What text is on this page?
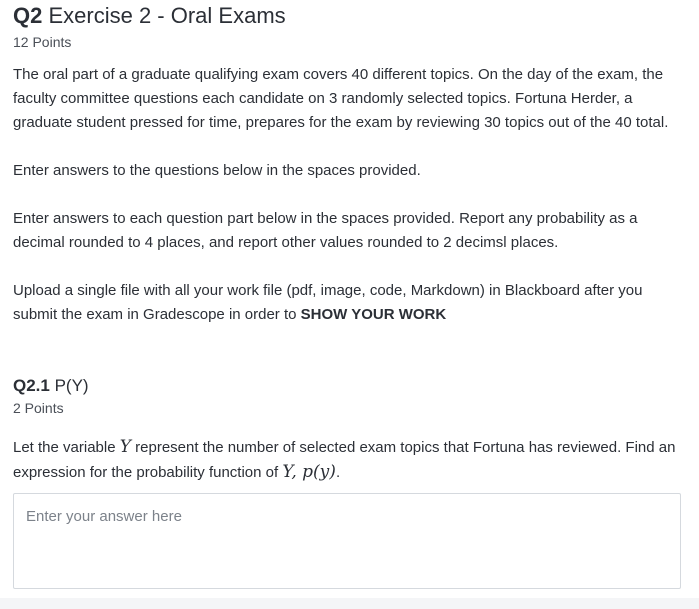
Q2 Exercise 2 - Oral Exams
12 Points
The oral part of a graduate qualifying exam covers 40 different topics. On the day of the exam, the faculty committee questions each candidate on 3 randomly selected topics. Fortuna Herder, a graduate student pressed for time, prepares for the exam by reviewing 30 topics out of the 40 total.
Enter answers to the questions below in the spaces provided.
Enter answers to each question part below in the spaces provided. Report any probability as a decimal rounded to 4 places, and report other values rounded to 2 decimsl places.
Upload a single file with all your work file (pdf, image, code, Markdown) in Blackboard after you submit the exam in Gradescope in order to SHOW YOUR WORK
Q2.1 P(Y)
2 Points
Let the variable Y represent the number of selected exam topics that Fortuna has reviewed. Find an expression for the probability function of Y, p(y).
Enter your answer here
